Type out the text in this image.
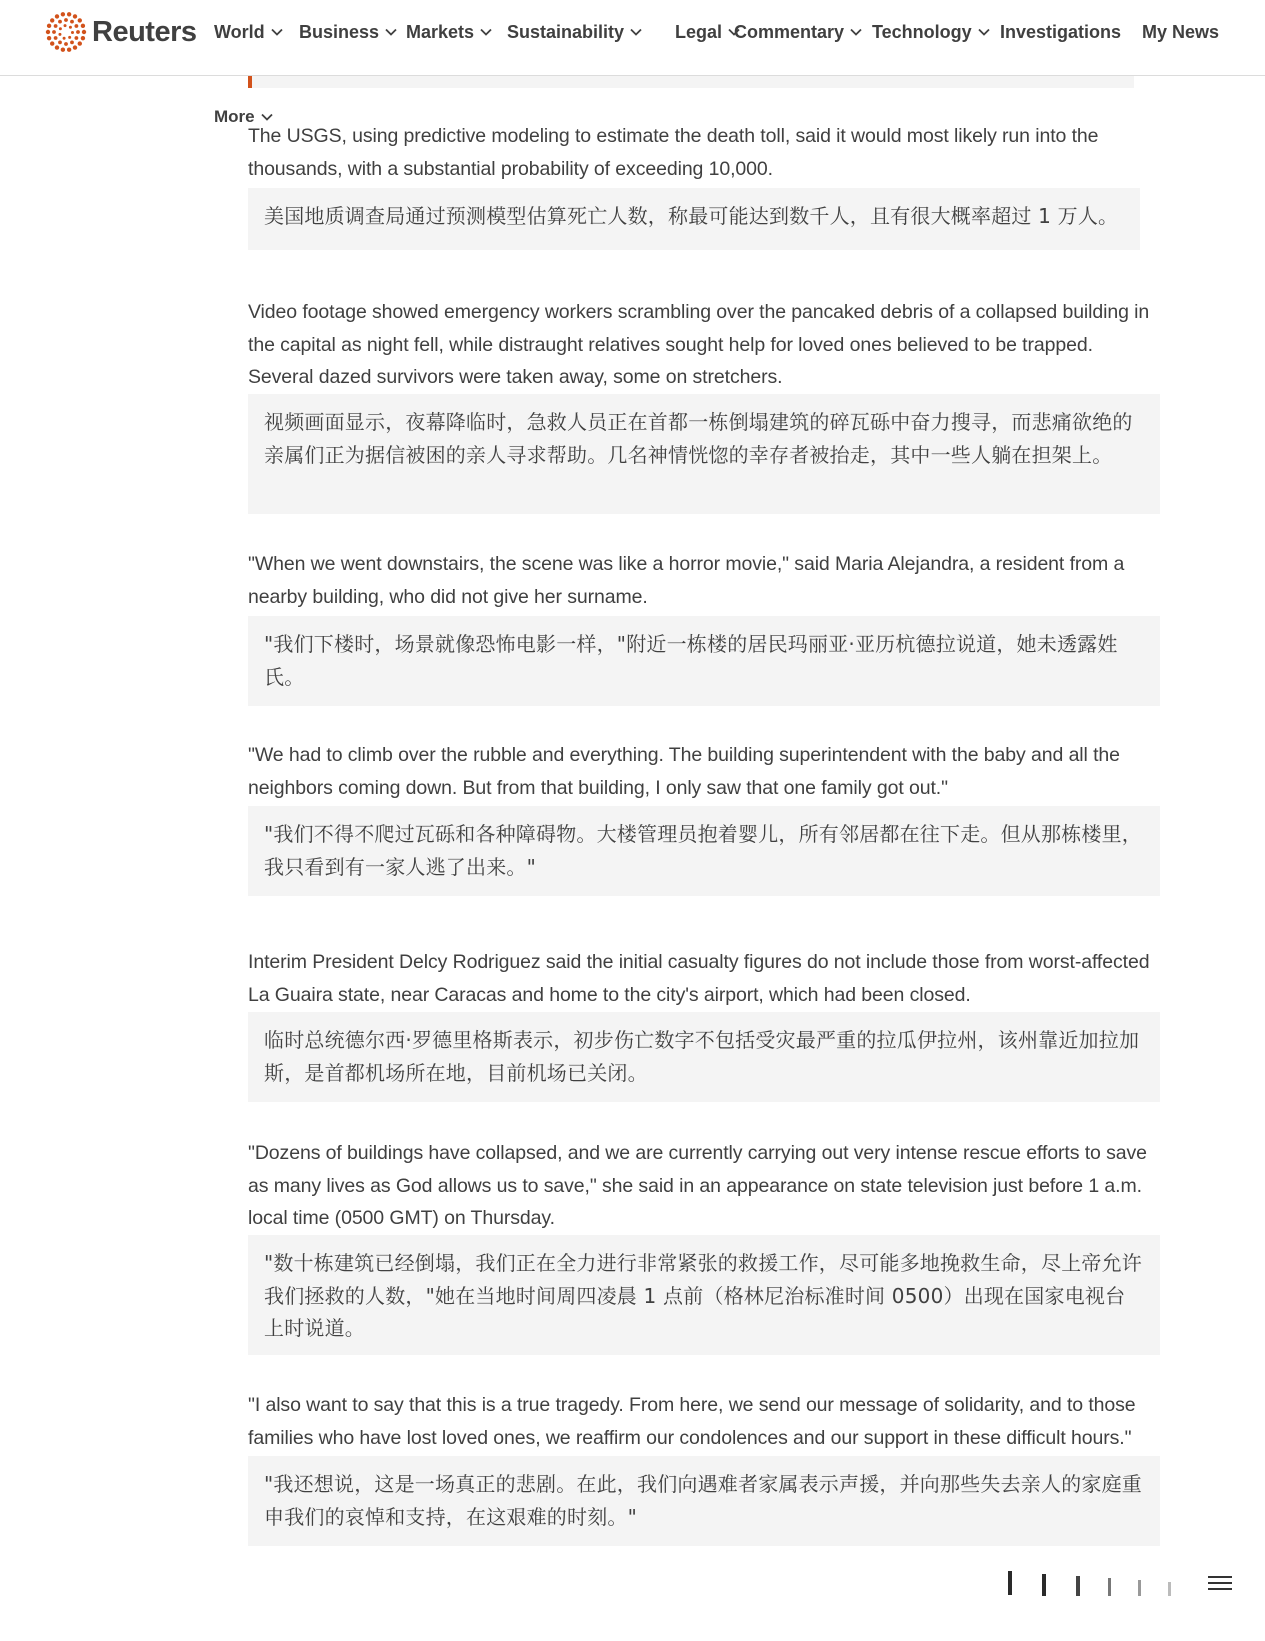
Reuters World Business Markets Sustainability	Legal Commentary Technology Investigations My News
More

The USGS, using predictive modeling to estimate the death toll, said it would most likely run into the thousands, with a substantial probability of exceeding 10,000.

美国地质调查局通过预测模型估算死亡人数，称最可能达到数千人，且有很大概率超过 1 万人。

Video footage showed emergency workers scrambling over the pancaked debris of a collapsed building in the capital as night fell, while distraught relatives sought help for loved ones believed to be trapped. Several dazed survivors were taken away, some on stretchers.

视频画面显示，夜幕降临时，急救人员正在首都一栋倒塌建筑的碎瓦砾中奋力搜寻，而悲痛欲绝的亲属们正为据信被困的亲人寻求帮助。几名神情恍惚的幸存者被抬走，其中一些人躺在担架上。

"When we went downstairs, the scene was like a horror movie," said Maria Alejandra, a resident from a nearby building, who did not give her surname.

"我们下楼时，场景就像恐怖电影一样，"附近一栋楼的居民玛丽亚·亚历杭德拉说道，她未透露姓氏。

"We had to climb over the rubble and everything. The building superintendent with the baby and all the neighbors coming down. But from that building, I only saw that one family got out."

"我们不得不爬过瓦砾和各种障碍物。大楼管理员抱着婴儿，所有邻居都在往下走。但从那栋楼里，我只看到有一家人逃了出来。"

Interim President Delcy Rodriguez said the initial casualty figures do not include those from worst-affected La Guaira state, near Caracas and home to the city's airport, which had been closed.

临时总统德尔西·罗德里格斯表示，初步伤亡数字不包括受灾最严重的拉瓜伊拉州，该州靠近加拉加斯，是首都机场所在地，目前机场已关闭。

"Dozens of buildings have collapsed, and we are currently carrying out very intense rescue efforts to save as many lives as God allows us to save," she said in an appearance on state television just before 1 a.m. local time (0500 GMT) on Thursday.

"数十栋建筑已经倒塌，我们正在全力进行非常紧张的救援工作，尽可能多地挽救生命，尽上帝允许我们拯救的人数，"她在当地时间周四凌晨 1 点前（格林尼治标准时间 0500）出现在国家电视台上时说道。

"I also want to say that this is a true tragedy. From here, we send our message of solidarity, and to those families who have lost loved ones, we reaffirm our condolences and our support in these difficult hours."

"我还想说，这是一场真正的悲剧。在此，我们向遇难者家属表示声援，并向那些失去亲人的家庭重申我们的哀悼和支持，在这艰难的时刻。"
